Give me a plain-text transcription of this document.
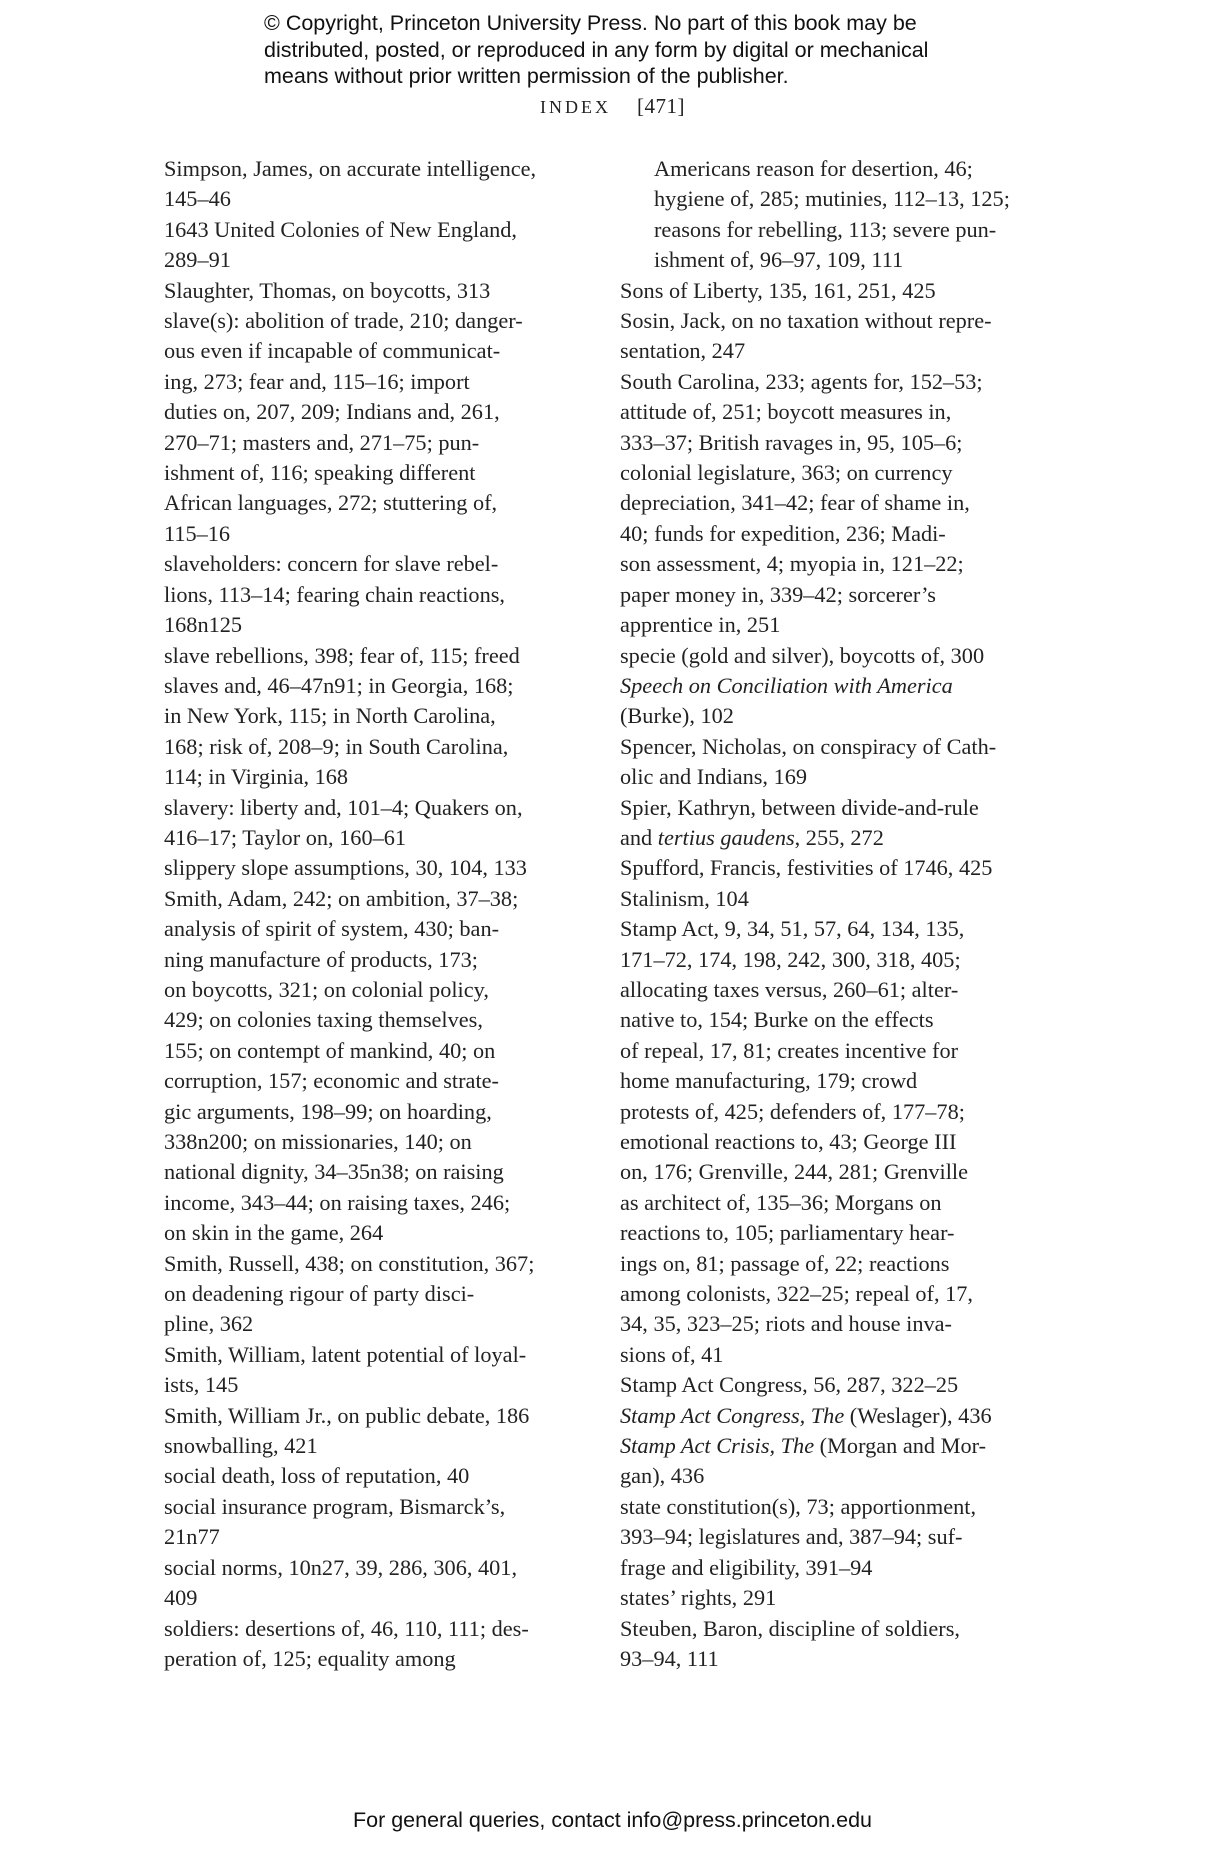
© Copyright, Princeton University Press. No part of this book may be
distributed, posted, or reproduced in any form by digital or mechanical
means without prior written permission of the publisher.
INDEX [471]
Simpson, James, on accurate intelligence,
145–46
1643 United Colonies of New England,
289–91
Slaughter, Thomas, on boycotts, 313
slave(s): abolition of trade, 210; danger-
ous even if incapable of communicat-
ing, 273; fear and, 115–16; import
duties on, 207, 209; Indians and, 261,
270–71; masters and, 271–75; pun-
ishment of, 116; speaking different
African languages, 272; stuttering of,
115–16
slaveholders: concern for slave rebel-
lions, 113–14; fearing chain reactions,
168n125
slave rebellions, 398; fear of, 115; freed
slaves and, 46–47n91; in Georgia, 168;
in New York, 115; in North Carolina,
168; risk of, 208–9; in South Carolina,
114; in Virginia, 168
slavery: liberty and, 101–4; Quakers on,
416–17; Taylor on, 160–61
slippery slope assumptions, 30, 104, 133
Smith, Adam, 242; on ambition, 37–38;
analysis of spirit of system, 430; ban-
ning manufacture of products, 173;
on boycotts, 321; on colonial policy,
429; on colonies taxing themselves,
155; on contempt of mankind, 40; on
corruption, 157; economic and strate-
gic arguments, 198–99; on hoarding,
338n200; on missionaries, 140; on
national dignity, 34–35n38; on raising
income, 343–44; on raising taxes, 246;
on skin in the game, 264
Smith, Russell, 438; on constitution, 367;
on deadening rigour of party disci-
pline, 362
Smith, William, latent potential of loyal-
ists, 145
Smith, William Jr., on public debate, 186
snowballing, 421
social death, loss of reputation, 40
social insurance program, Bismarck’s,
21n77
social norms, 10n27, 39, 286, 306, 401,
409
soldiers: desertions of, 46, 110, 111; des-
peration of, 125; equality among
Americans reason for desertion, 46;
hygiene of, 285; mutinies, 112–13, 125;
reasons for rebelling, 113; severe pun-
ishment of, 96–97, 109, 111
Sons of Liberty, 135, 161, 251, 425
Sosin, Jack, on no taxation without repre-
sentation, 247
South Carolina, 233; agents for, 152–53;
attitude of, 251; boycott measures in,
333–37; British ravages in, 95, 105–6;
colonial legislature, 363; on currency
depreciation, 341–42; fear of shame in,
40; funds for expedition, 236; Madi-
son assessment, 4; myopia in, 121–22;
paper money in, 339–42; sorcerer’s
apprentice in, 251
specie (gold and silver), boycotts of, 300
Speech on Conciliation with America
(Burke), 102
Spencer, Nicholas, on conspiracy of Cath-
olic and Indians, 169
Spier, Kathryn, between divide-and-rule
and tertius gaudens, 255, 272
Spufford, Francis, festivities of 1746, 425
Stalinism, 104
Stamp Act, 9, 34, 51, 57, 64, 134, 135,
171–72, 174, 198, 242, 300, 318, 405;
allocating taxes versus, 260–61; alter-
native to, 154; Burke on the effects
of repeal, 17, 81; creates incentive for
home manufacturing, 179; crowd
protests of, 425; defenders of, 177–78;
emotional reactions to, 43; George III
on, 176; Grenville, 244, 281; Grenville
as architect of, 135–36; Morgans on
reactions to, 105; parliamentary hear-
ings on, 81; passage of, 22; reactions
among colonists, 322–25; repeal of, 17,
34, 35, 323–25; riots and house inva-
sions of, 41
Stamp Act Congress, 56, 287, 322–25
Stamp Act Congress, The (Weslager), 436
Stamp Act Crisis, The (Morgan and Mor-
gan), 436
state constitution(s), 73; apportionment,
393–94; legislatures and, 387–94; suf-
frage and eligibility, 391–94
states’ rights, 291
Steuben, Baron, discipline of soldiers,
93–94, 111
For general queries, contact info@press.princeton.edu
